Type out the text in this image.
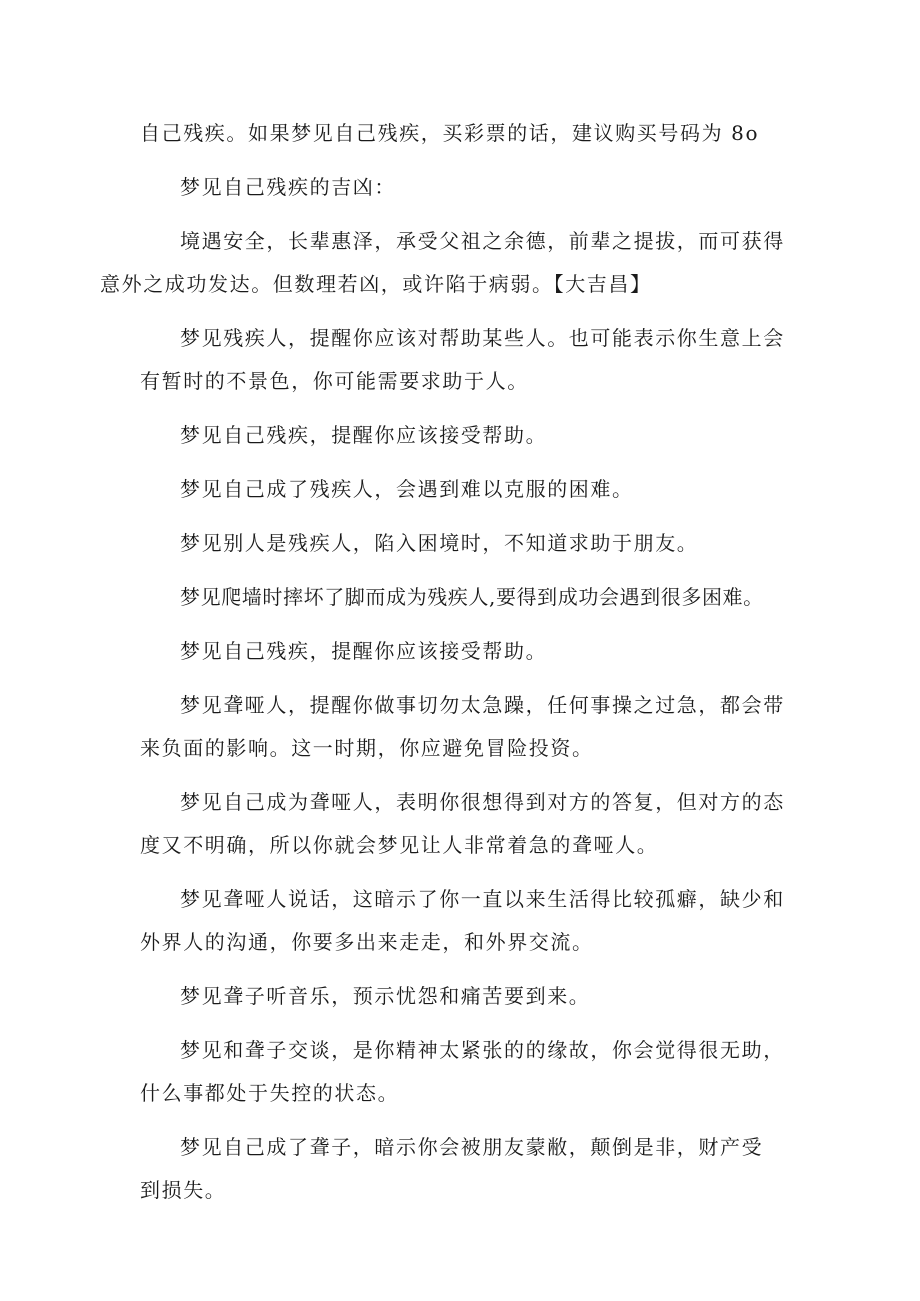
自己残疾。如果梦见自己残疾，买彩票的话，建议购买号码为 8o

梦见自己残疾的吉凶：

境遇安全，长辈惠泽，承受父祖之余德，前辈之提拔，而可获得
意外之成功发达。但数理若凶，或许陷于病弱。【大吉昌】

梦见残疾人，提醒你应该对帮助某些人。也可能表示你生意上会
有暂时的不景色，你可能需要求助于人。

梦见自己残疾，提醒你应该接受帮助。

梦见自己成了残疾人，会遇到难以克服的困难。

梦见别人是残疾人，陷入困境时，不知道求助于朋友。

梦见爬墙时摔坏了脚而成为残疾人,要得到成功会遇到很多困难。

梦见自己残疾，提醒你应该接受帮助。

梦见聋哑人，提醒你做事切勿太急躁，任何事操之过急，都会带
来负面的影响。这一时期，你应避免冒险投资。

梦见自己成为聋哑人，表明你很想得到对方的答复，但对方的态
度又不明确，所以你就会梦见让人非常着急的聋哑人。

梦见聋哑人说话，这暗示了你一直以来生活得比较孤癖，缺少和
外界人的沟通，你要多出来走走，和外界交流。

梦见聋子听音乐，预示忧怨和痛苦要到来。

梦见和聋子交谈，是你精神太紧张的的缘故，你会觉得很无助，
什么事都处于失控的状态。

梦见自己成了聋子，暗示你会被朋友蒙敝，颠倒是非，财产受
到损失。
